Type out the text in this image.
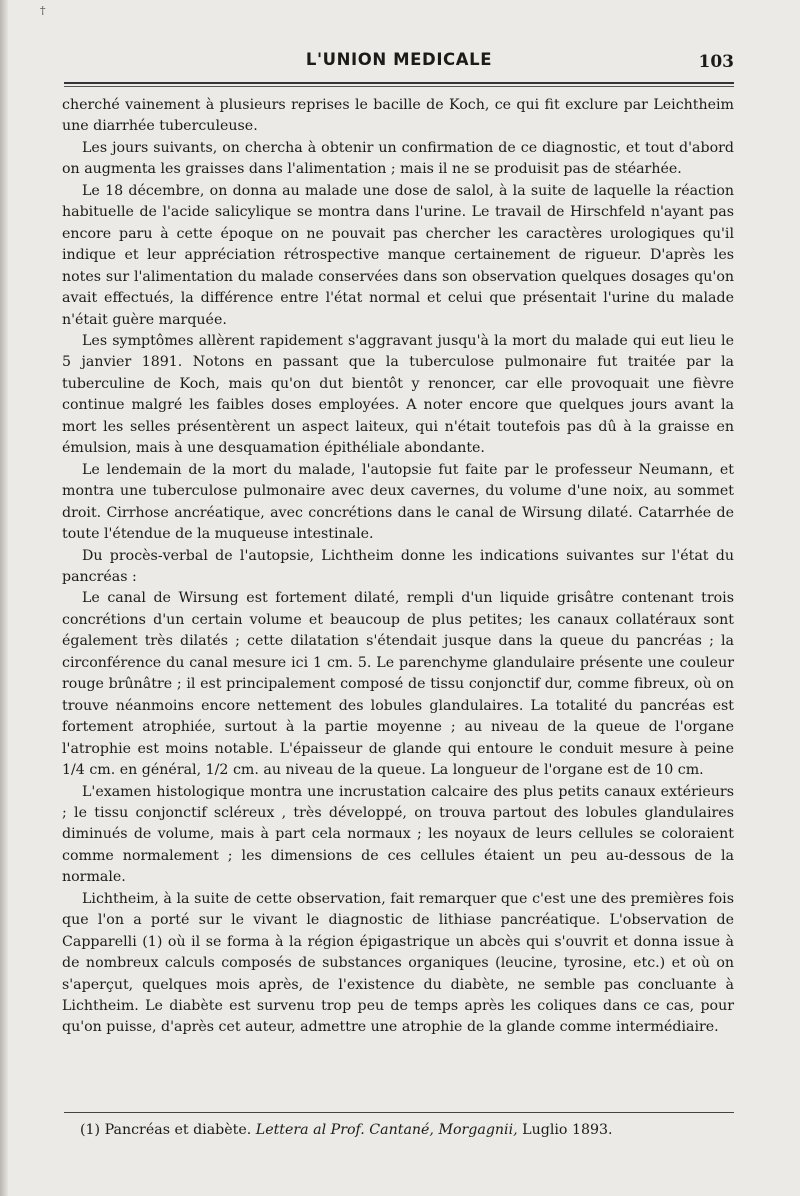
†
L'UNION MEDICALE	103

cherché vainement à plusieurs reprises le bacille de Koch, ce qui fit exclure par Leichtheim une diarrhée tuberculeuse.

Les jours suivants, on chercha à obtenir un confirmation de ce diagnostic, et tout d'abord on augmenta les graisses dans l'alimentation ; mais il ne se produisit pas de stéarhée.

Le 18 décembre, on donna au malade une dose de salol, à la suite de laquelle la réaction habituelle de l'acide salicylique se montra dans l'urine. Le travail de Hirschfeld n'ayant pas encore paru à cette époque on ne pouvait pas chercher les caractères urologiques qu'il indique et leur appréciation rétrospective manque certainement de rigueur. D'après les notes sur l'alimentation du malade conservées dans son observation quelques dosages qu'on avait effectués, la différence entre l'état normal et celui que présentait l'urine du malade n'était guère marquée.

Les symptômes allèrent rapidement s'aggravant jusqu'à la mort du malade qui eut lieu le 5 janvier 1891. Notons en passant que la tuberculose pulmonaire fut traitée par la tuberculine de Koch, mais qu'on dut bientôt y renoncer, car elle provoquait une fièvre continue malgré les faibles doses employées. A noter encore que quelques jours avant la mort les selles présentèrent un aspect laiteux, qui n'était toutefois pas dû à la graisse en émulsion, mais à une desquamation épithéliale abondante.

Le lendemain de la mort du malade, l'autopsie fut faite par le professeur Neumann, et montra une tuberculose pulmonaire avec deux cavernes, du volume d'une noix, au sommet droit. Cirrhose ancréatique, avec concrétions dans le canal de Wirsung dilaté. Catarrhée de toute l'étendue de la muqueuse intestinale.

Du procès-verbal de l'autopsie, Lichtheim donne les indications suivantes sur l'état du pancréas :

Le canal de Wirsung est fortement dilaté, rempli d'un liquide grisâtre contenant trois concrétions d'un certain volume et beaucoup de plus petites; les canaux collatéraux sont également très dilatés ; cette dilatation s'étendait jusque dans la queue du pancréas ; la circonférence du canal mesure ici 1 cm. 5. Le parenchyme glandulaire présente une couleur rouge brûnâtre ; il est principalement composé de tissu conjonctif dur, comme fibreux, où on trouve néanmoins encore nettement des lobules glandulaires. La totalité du pancréas est fortement atrophiée, surtout à la partie moyenne ; au niveau de la queue de l'organe l'atrophie est moins notable. L'épaisseur de glande qui entoure le conduit mesure à peine 1/4 cm. en général, 1/2 cm. au niveau de la queue. La longueur de l'organe est de 10 cm.

L'examen histologique montra une incrustation calcaire des plus petits canaux extérieurs ; le tissu conjonctif scléreux , très développé, on trouva partout des lobules glandulaires diminués de volume, mais à part cela normaux ; les noyaux de leurs cellules se coloraient comme normalement ; les dimensions de ces cellules étaient un peu au-dessous de la normale.

Lichtheim, à la suite de cette observation, fait remarquer que c'est une des premières fois que l'on a porté sur le vivant le diagnostic de lithiase pancréatique. L'observation de Capparelli (1) où il se forma à la région épigastrique un abcès qui s'ouvrit et donna issue à de nombreux calculs composés de substances organiques (leucine, tyrosine, etc.) et où on s'aperçut, quelques mois après, de l'existence du diabète, ne semble pas concluante à Lichtheim. Le diabète est survenu trop peu de temps après les coliques dans ce cas, pour qu'on puisse, d'après cet auteur, admettre une atrophie de la glande comme intermédiaire.

(1) Pancréas et diabète. Lettera al Prof. Cantané, Morgagnii, Luglio 1893.
